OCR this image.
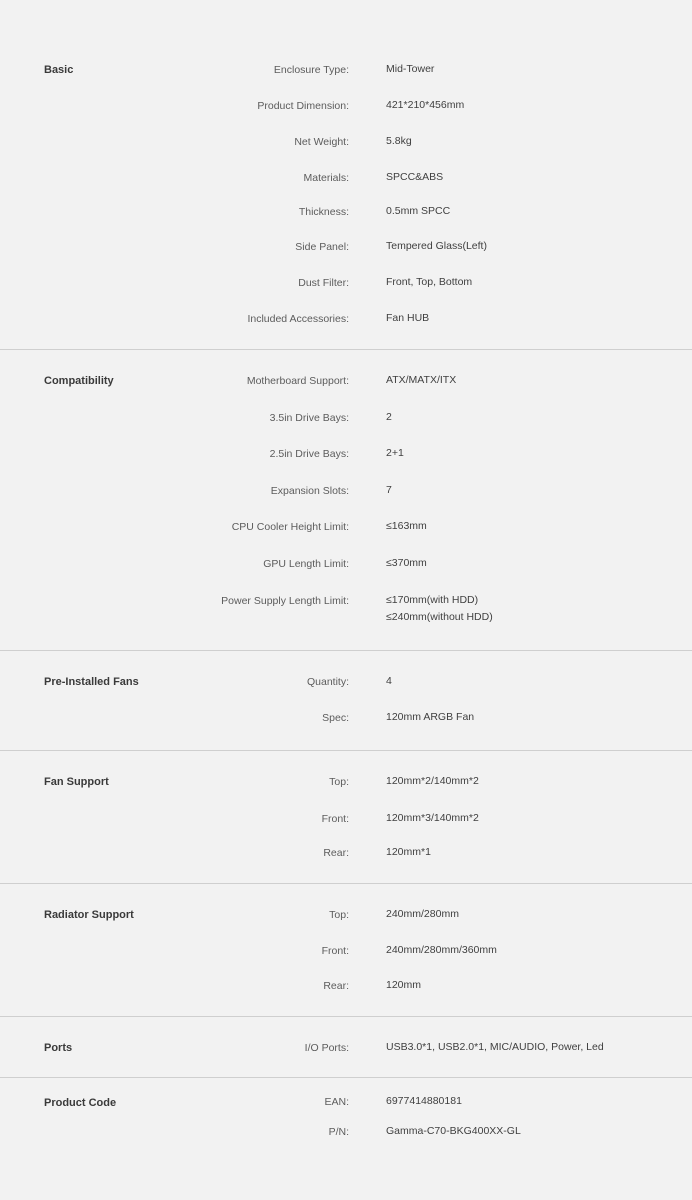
Basic	Enclosure Type:	Mid-Tower
Product Dimension:	421*210*456mm
Net Weight:	5.8kg
Materials:	SPCC&ABS
Thickness:	0.5mm SPCC
Side Panel:	Tempered Glass(Left)
Dust Filter:	Front, Top, Bottom
Included Accessories:	Fan HUB
Compatibility	Motherboard Support:	ATX/MATX/ITX
3.5in Drive Bays:	2
2.5in Drive Bays:	2+1
Expansion Slots:	7
CPU Cooler Height Limit:	≤163mm
GPU Length Limit:	≤370mm
Power Supply Length Limit:	≤170mm(with HDD)
≤240mm(without HDD)
Pre-Installed Fans	Quantity:	4
Spec:	120mm ARGB Fan
Fan Support	Top:	120mm*2/140mm*2
Front:	120mm*3/140mm*2
Rear:	120mm*1
Radiator Support	Top:	240mm/280mm
Front:	240mm/280mm/360mm
Rear:	120mm
Ports	I/O Ports:	USB3.0*1, USB2.0*1, MIC/AUDIO, Power, Led
Product Code	EAN:	6977414880181
P/N:	Gamma-C70-BKG400XX-GL
